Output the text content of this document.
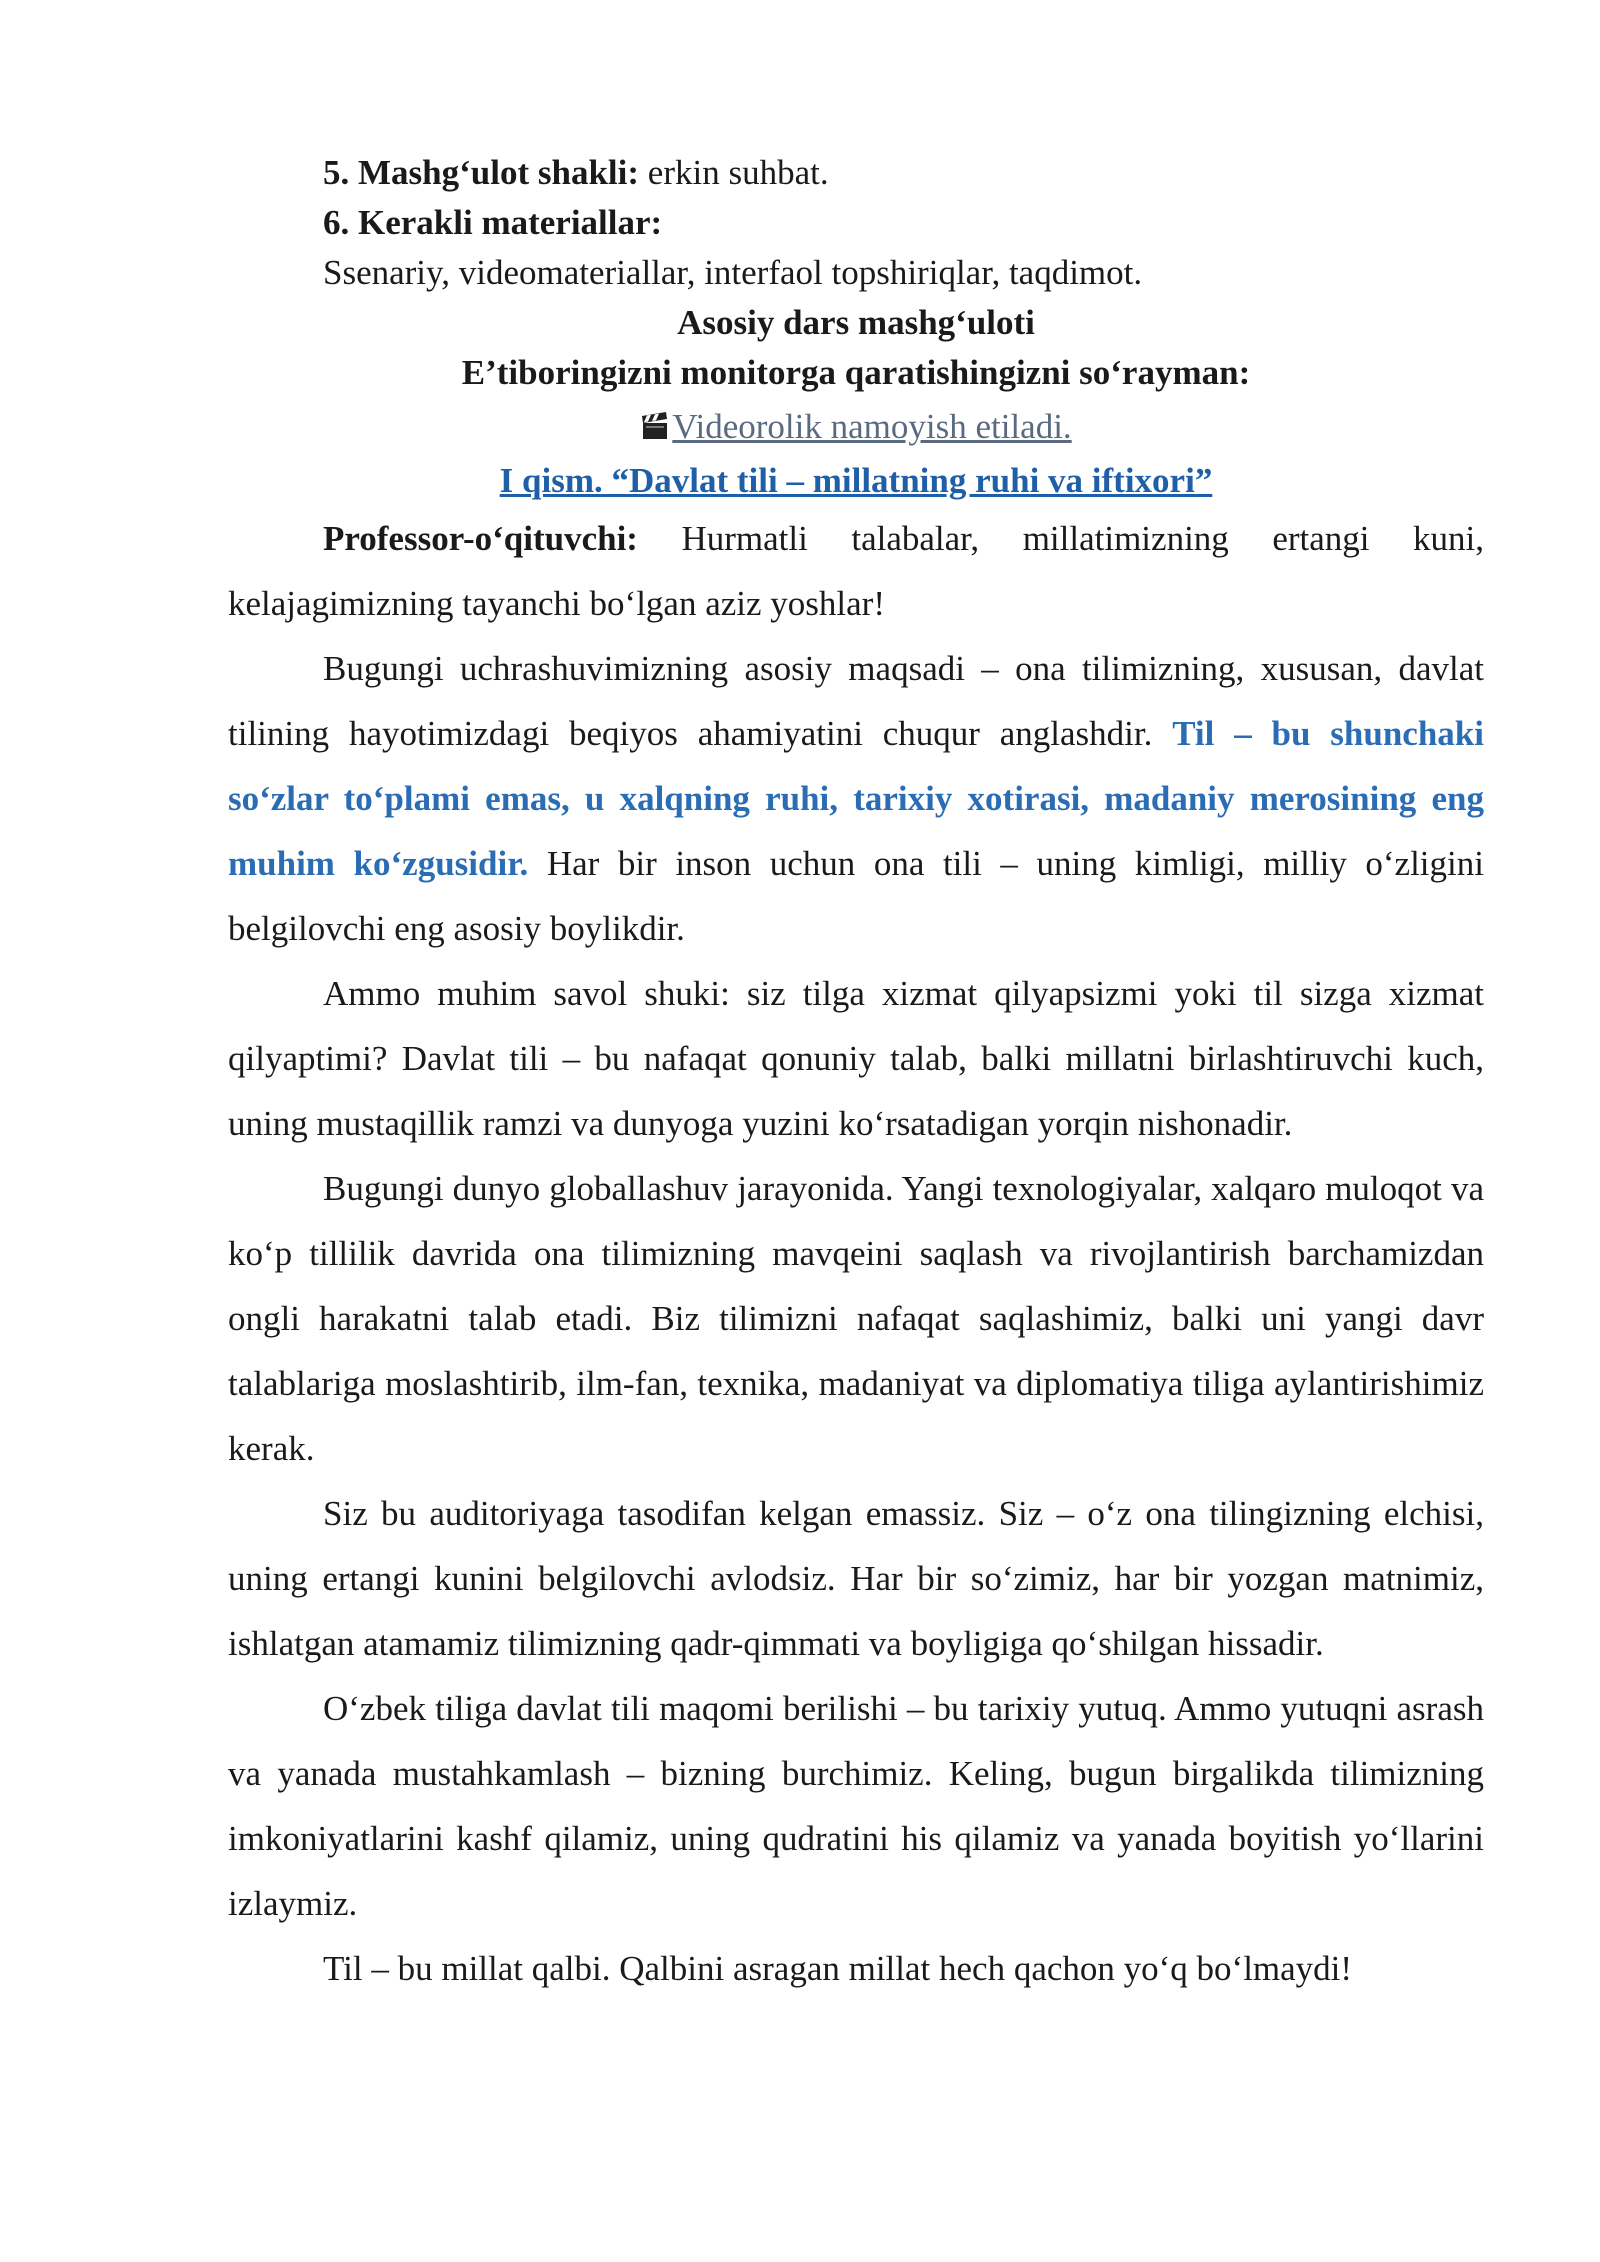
5. Mashg‘ulot shakli: erkin suhbat.
6. Kerakli materiallar:
Ssenariy, videomateriallar, interfaol topshiriqlar, taqdimot.
Asosiy dars mashg‘uloti
E’tiboringizni monitorga qaratishingizni so‘rayman:
Videorolik namoyish etiladi.
I qism. “Davlat tili – millatning ruhi va iftixori”

Professor-o‘qituvchi: Hurmatli talabalar, millatimizning ertangi kuni, kelajagimizning tayanchi bo‘lgan aziz yoshlar!

Bugungi uchrashuvimizning asosiy maqsadi – ona tilimizning, xususan, davlat tilining hayotimizdagi beqiyos ahamiyatini chuqur anglashdir. Til – bu shunchaki so‘zlar to‘plami emas, u xalqning ruhi, tarixiy xotirasi, madaniy merosining eng muhim ko‘zgusidir. Har bir inson uchun ona tili – uning kimligi, milliy o‘zligini belgilovchi eng asosiy boylikdir.

Ammo muhim savol shuki: siz tilga xizmat qilyapsizmi yoki til sizga xizmat qilyaptimi? Davlat tili – bu nafaqat qonuniy talab, balki millatni birlashtiruvchi kuch, uning mustaqillik ramzi va dunyoga yuzini ko‘rsatadigan yorqin nishonadir.

Bugungi dunyo globallashuv jarayonida. Yangi texnologiyalar, xalqaro muloqot va ko‘p tillilik davrida ona tilimizning mavqeini saqlash va rivojlantirish barchamizdan ongli harakatni talab etadi. Biz tilimizni nafaqat saqlashimiz, balki uni yangi davr talablariga moslashtirib, ilm-fan, texnika, madaniyat va diplomatiya tiliga aylantirishimiz kerak.

Siz bu auditoriyaga tasodifan kelgan emassiz. Siz – o‘z ona tilingizning elchisi, uning ertangi kunini belgilovchi avlodsiz. Har bir so‘zimiz, har bir yozgan matnimiz, ishlatgan atamamiz tilimizning qadr-qimmati va boyligiga qo‘shilgan hissadir.

O‘zbek tiliga davlat tili maqomi berilishi – bu tarixiy yutuq. Ammo yutuqni asrash va yanada mustahkamlash – bizning burchimiz. Keling, bugun birgalikda tilimizning imkoniyatlarini kashf qilamiz, uning qudratini his qilamiz va yanada boyitish yo‘llarini izlaymiz.

Til – bu millat qalbi. Qalbini asragan millat hech qachon yo‘q bo‘lmaydi!
